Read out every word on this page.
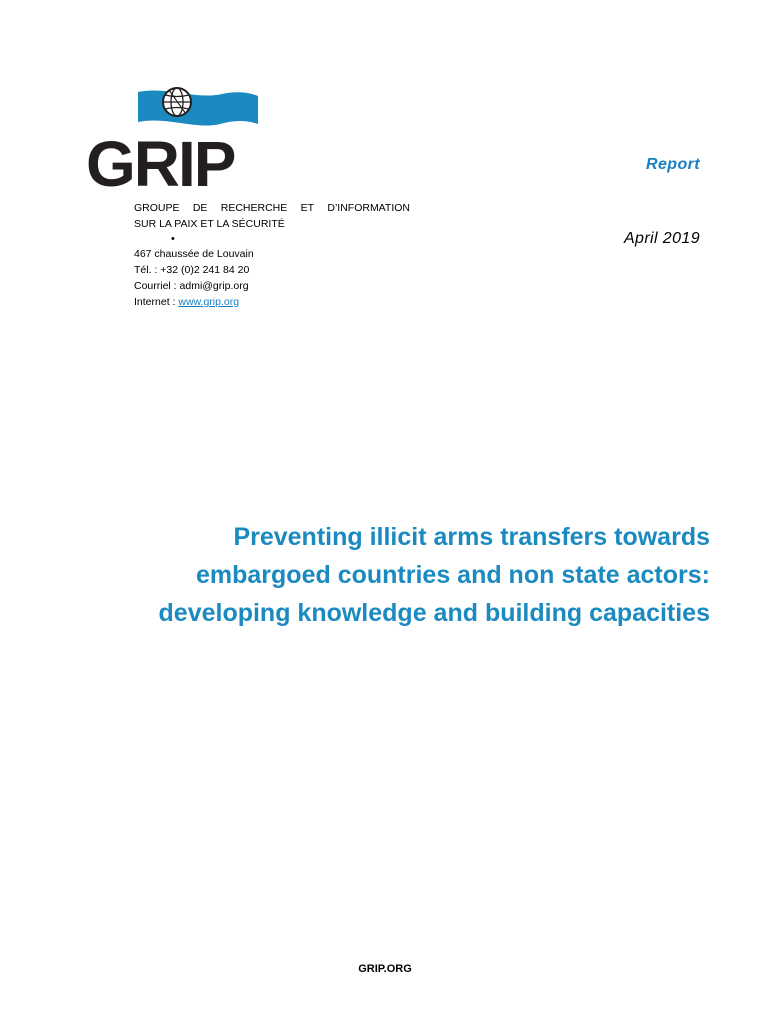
GRIP
GROUPE DE RECHERCHE ET D’INFORMATION
SUR LA PAIX ET LA SÉCURITÉ
•
467 chaussée de Louvain
Tél. : +32 (0)2 241 84 20
Courriel : admi@grip.org
Internet : www.grip.org
Report
April 2019
Preventing illicit arms transfers towards
embargoed countries and non state actors:
developing knowledge and building capacities
GRIP.ORG
